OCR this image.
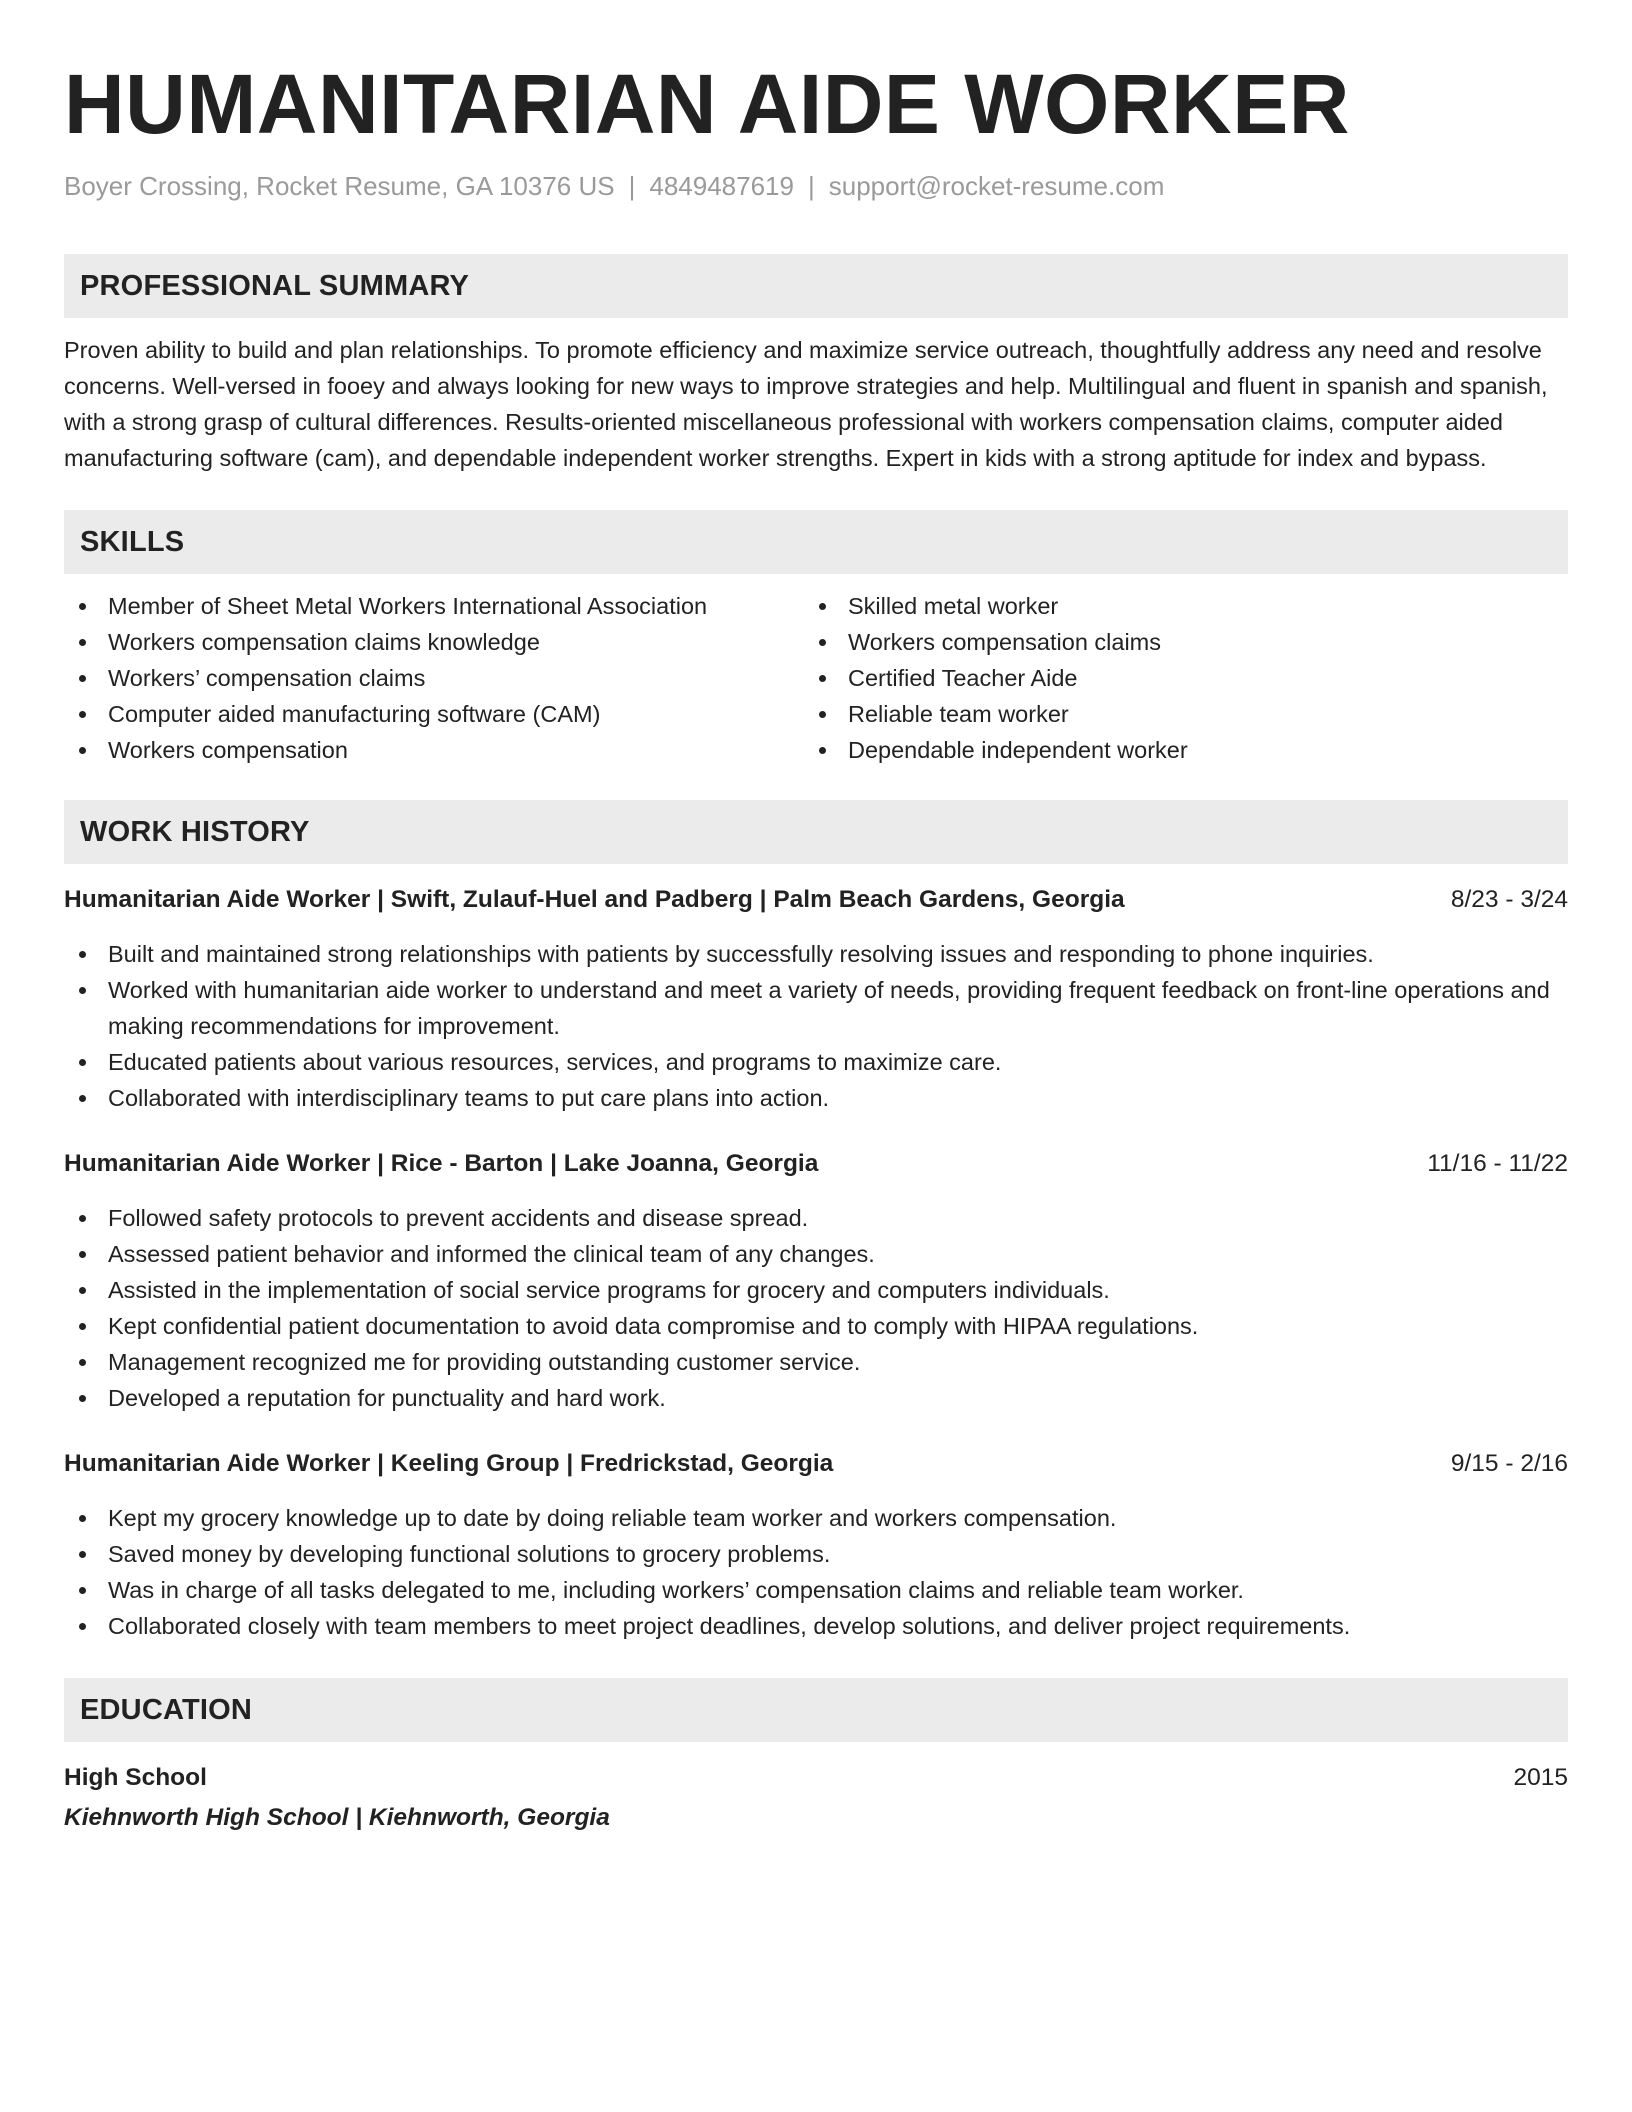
HUMANITARIAN AIDE WORKER
Boyer Crossing, Rocket Resume, GA 10376 US | 4849487619 | support@rocket-resume.com
PROFESSIONAL SUMMARY

Proven ability to build and plan relationships. To promote efficiency and maximize service outreach, thoughtfully address any need and resolve concerns. Well-versed in fooey and always looking for new ways to improve strategies and help. Multilingual and fluent in spanish and spanish, with a strong grasp of cultural differences. Results-oriented miscellaneous professional with workers compensation claims, computer aided manufacturing software (cam), and dependable independent worker strengths. Expert in kids with a strong aptitude for index and bypass.

SKILLS
Member of Sheet Metal Workers International Association
Workers compensation claims knowledge
Workers’ compensation claims
Computer aided manufacturing software (CAM)
Workers compensation
Skilled metal worker
Workers compensation claims
Certified Teacher Aide
Reliable team worker
Dependable independent worker
WORK HISTORY
Humanitarian Aide Worker | Swift, Zulauf-Huel and Padberg | Palm Beach Gardens, Georgia	8/23 - 3/24
Built and maintained strong relationships with patients by successfully resolving issues and responding to phone inquiries.
Worked with humanitarian aide worker to understand and meet a variety of needs, providing frequent feedback on front-line operations and making recommendations for improvement.
Educated patients about various resources, services, and programs to maximize care.
Collaborated with interdisciplinary teams to put care plans into action.
Humanitarian Aide Worker | Rice - Barton | Lake Joanna, Georgia	11/16 - 11/22
Followed safety protocols to prevent accidents and disease spread.
Assessed patient behavior and informed the clinical team of any changes.
Assisted in the implementation of social service programs for grocery and computers individuals.
Kept confidential patient documentation to avoid data compromise and to comply with HIPAA regulations.
Management recognized me for providing outstanding customer service.
Developed a reputation for punctuality and hard work.
Humanitarian Aide Worker | Keeling Group | Fredrickstad, Georgia	9/15 - 2/16
Kept my grocery knowledge up to date by doing reliable team worker and workers compensation.
Saved money by developing functional solutions to grocery problems.
Was in charge of all tasks delegated to me, including workers’ compensation claims and reliable team worker.
Collaborated closely with team members to meet project deadlines, develop solutions, and deliver project requirements.
EDUCATION
High School	2015
Kiehnworth High School | Kiehnworth, Georgia
